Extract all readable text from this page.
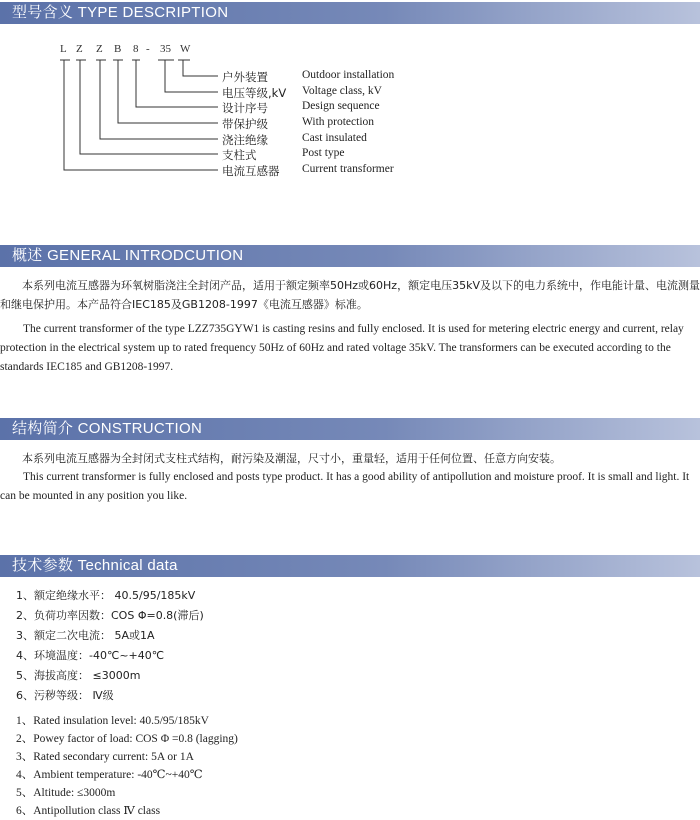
型号含义 TYPE DESCRIPTION
L Z Z B 8 - 35 W
户外装置	Outdoor installation
电压等级,kV Voltage class, kV
设计序号	Design sequence
带保护级	With protection
浇注绝缘	Cast insulated
支柱式	Post type
电流互感器 Current transformer
概述 GENERAL INTRODCUTION

　　本系列电流互感器为环氧树脂浇注全封闭产品，适用于额定频率50Hz或60Hz，额定电压35kV及以下的电力系统中，作电能计量、电流测量和继电保护用。本产品符合IEC185及GB1208-1997《电流互感器》标准。

　　The current transformer of the type LZZ735GYW1 is casting resins and fully enclosed. It is used for metering electric energy and current, relay protection in the electrical system up to rated frequency 50Hz of 60Hz and rated voltage 35kV. The transformers can be executed according to the standards IEC185 and GB1208-1997.

结构简介 CONSTRUCTION

　　本系列电流互感器为全封闭式支柱式结构，耐污染及潮湿，尺寸小，重量轻，适用于任何位置、任意方向安装。

　　This current transformer is fully enclosed and posts type product. It has a good ability of antipollution and moisture proof. It is small and light. It can be mounted in any position you like.

技术参数 Technical data
1、额定绝缘水平： 40.5/95/185kV
2、负荷功率因数：COS Φ=0.8(滞后)
3、额定二次电流： 5A或1A
4、环境温度：-40℃~+40℃
5、海拔高度： ≤3000m
6、污秽等级： Ⅳ级
1、Rated insulation level: 40.5/95/185kV
2、Powey factor of load: COS Φ =0.8 (lagging)
3、Rated secondary current: 5A or 1A
4、Ambient temperature: -40℃~+40℃
5、Altitude: ≤3000m
6、Antipollution class Ⅳ class
